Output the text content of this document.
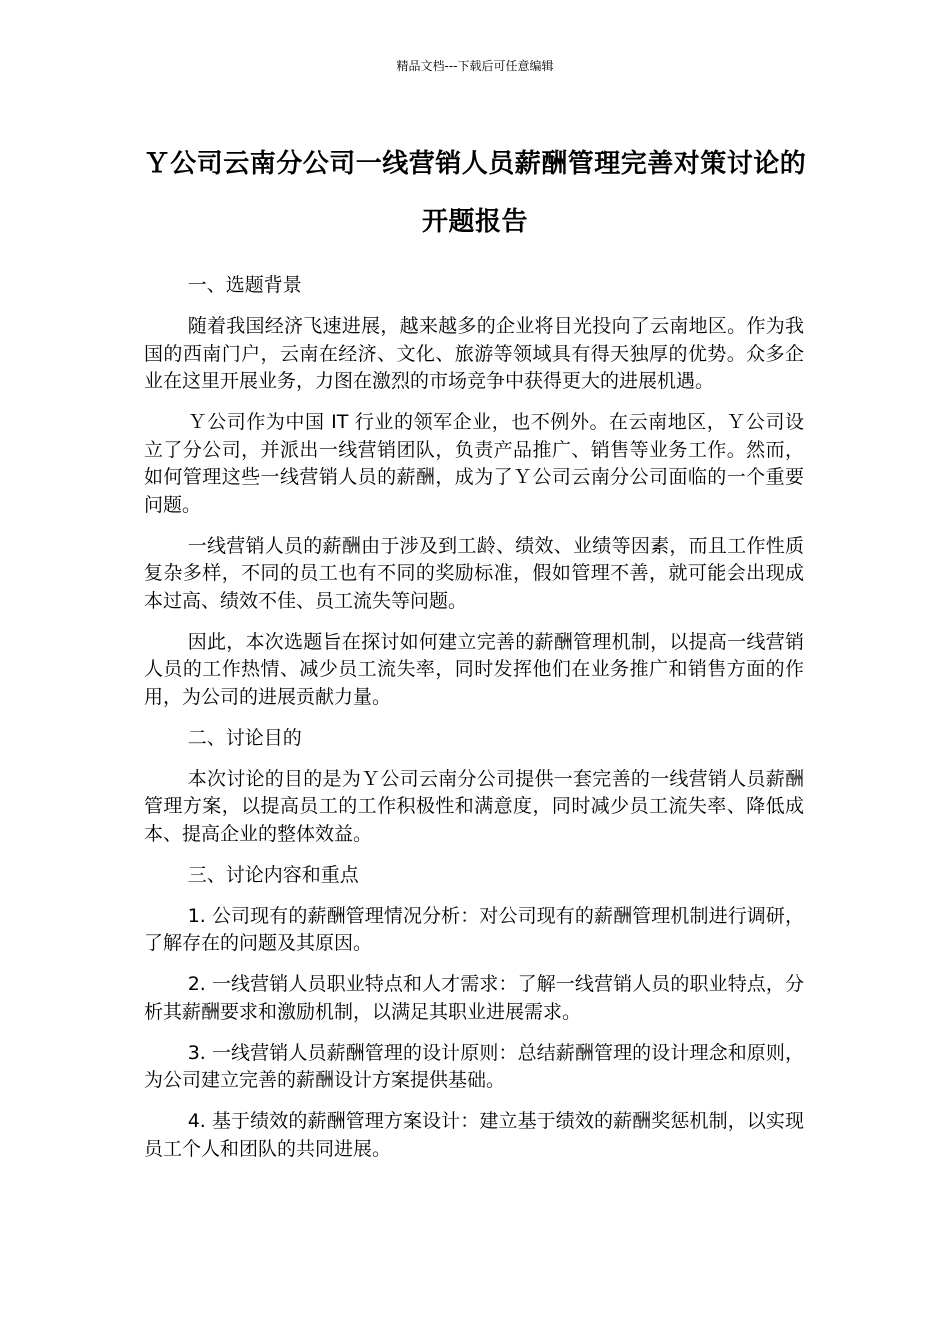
精品文档---下载后可任意编辑
Ｙ公司云南分公司一线营销人员薪酬管理完善对策讨论的开题报告

一、选题背景

随着我国经济飞速进展，越来越多的企业将目光投向了云南地区。作为我国的西南门户，云南在经济、文化、旅游等领域具有得天独厚的优势。众多企业在这里开展业务，力图在激烈的市场竞争中获得更大的进展机遇。

Ｙ公司作为中国 IT 行业的领军企业，也不例外。在云南地区，Ｙ公司设立了分公司，并派出一线营销团队，负责产品推广、销售等业务工作。然而，如何管理这些一线营销人员的薪酬，成为了Ｙ公司云南分公司面临的一个重要问题。

一线营销人员的薪酬由于涉及到工龄、绩效、业绩等因素，而且工作性质复杂多样，不同的员工也有不同的奖励标准，假如管理不善，就可能会出现成本过高、绩效不佳、员工流失等问题。

因此，本次选题旨在探讨如何建立完善的薪酬管理机制，以提高一线营销人员的工作热情、减少员工流失率，同时发挥他们在业务推广和销售方面的作用，为公司的进展贡献力量。

二、讨论目的

本次讨论的目的是为Ｙ公司云南分公司提供一套完善的一线营销人员薪酬管理方案，以提高员工的工作积极性和满意度，同时减少员工流失率、降低成本、提高企业的整体效益。

三、讨论内容和重点

1. 公司现有的薪酬管理情况分析：对公司现有的薪酬管理机制进行调研，了解存在的问题及其原因。

2. 一线营销人员职业特点和人才需求：了解一线营销人员的职业特点，分析其薪酬要求和激励机制，以满足其职业进展需求。

3. 一线营销人员薪酬管理的设计原则：总结薪酬管理的设计理念和原则，为公司建立完善的薪酬设计方案提供基础。

4. 基于绩效的薪酬管理方案设计：建立基于绩效的薪酬奖惩机制，以实现员工个人和团队的共同进展。
